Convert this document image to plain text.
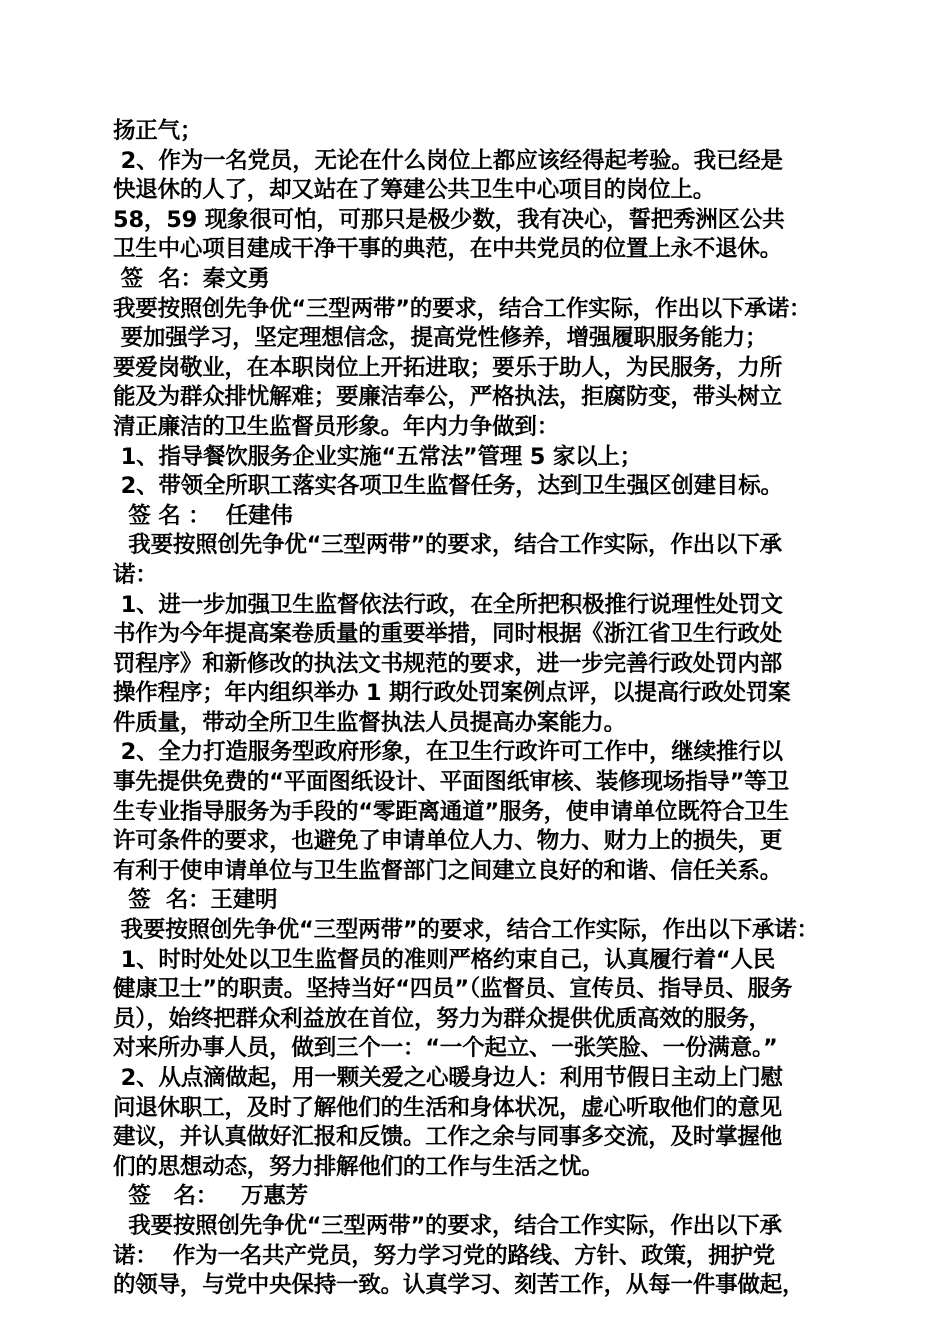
扬正气；
2、作为一名党员，无论在什么岗位上都应该经得起考验。我已经是
快退休的人了，却又站在了筹建公共卫生中心项目的岗位上。
58，59 现象很可怕，可那只是极少数，我有决心，誓把秀洲区公共
卫生中心项目建成干净干事的典范，在中共党员的位置上永不退休。
签  名：秦文勇
我要按照创先争优“三型两带”的要求，结合工作实际，作出以下承诺：
要加强学习，坚定理想信念，提高党性修养，增强履职服务能力；
要爱岗敬业，在本职岗位上开拓进取；要乐于助人，为民服务，力所
能及为群众排忧解难；要廉洁奉公，严格执法，拒腐防变，带头树立
清正廉洁的卫生监督员形象。年内力争做到：
1、指导餐饮服务企业实施“五常法”管理 5 家以上；
2、带领全所职工落实各项卫生监督任务，达到卫生强区创建目标。
签 名 ：  任建伟
我要按照创先争优“三型两带”的要求，结合工作实际，作出以下承
诺：
1、进一步加强卫生监督依法行政，在全所把积极推行说理性处罚文
书作为今年提高案卷质量的重要举措，同时根据《浙江省卫生行政处
罚程序》和新修改的执法文书规范的要求，进一步完善行政处罚内部
操作程序；年内组织举办 1 期行政处罚案例点评，以提高行政处罚案
件质量，带动全所卫生监督执法人员提高办案能力。
2、全力打造服务型政府形象，在卫生行政许可工作中，继续推行以
事先提供免费的“平面图纸设计、平面图纸审核、装修现场指导”等卫
生专业指导服务为手段的“零距离通道”服务，使申请单位既符合卫生
许可条件的要求，也避免了申请单位人力、物力、财力上的损失，更
有利于使申请单位与卫生监督部门之间建立良好的和谐、信任关系。
签  名：王建明
我要按照创先争优“三型两带”的要求，结合工作实际，作出以下承诺：
1、时时处处以卫生监督员的准则严格约束自己，认真履行着“人民
健康卫士”的职责。坚持当好“四员”（监督员、宣传员、指导员、服务
员），始终把群众利益放在首位，努力为群众提供优质高效的服务，
对来所办事人员，做到三个一：“一个起立、一张笑脸、一份满意。”
2、从点滴做起，用一颗关爱之心暖身边人：利用节假日主动上门慰
问退休职工，及时了解他们的生活和身体状况，虚心听取他们的意见
建议，并认真做好汇报和反馈。工作之余与同事多交流，及时掌握他
们的思想动态，努力排解他们的工作与生活之忧。
签   名：   万惠芳
我要按照创先争优“三型两带”的要求，结合工作实际，作出以下承
诺：  作为一名共产党员，努力学习党的路线、方针、政策，拥护党
的领导，与党中央保持一致。认真学习、刻苦工作，从每一件事做起，
